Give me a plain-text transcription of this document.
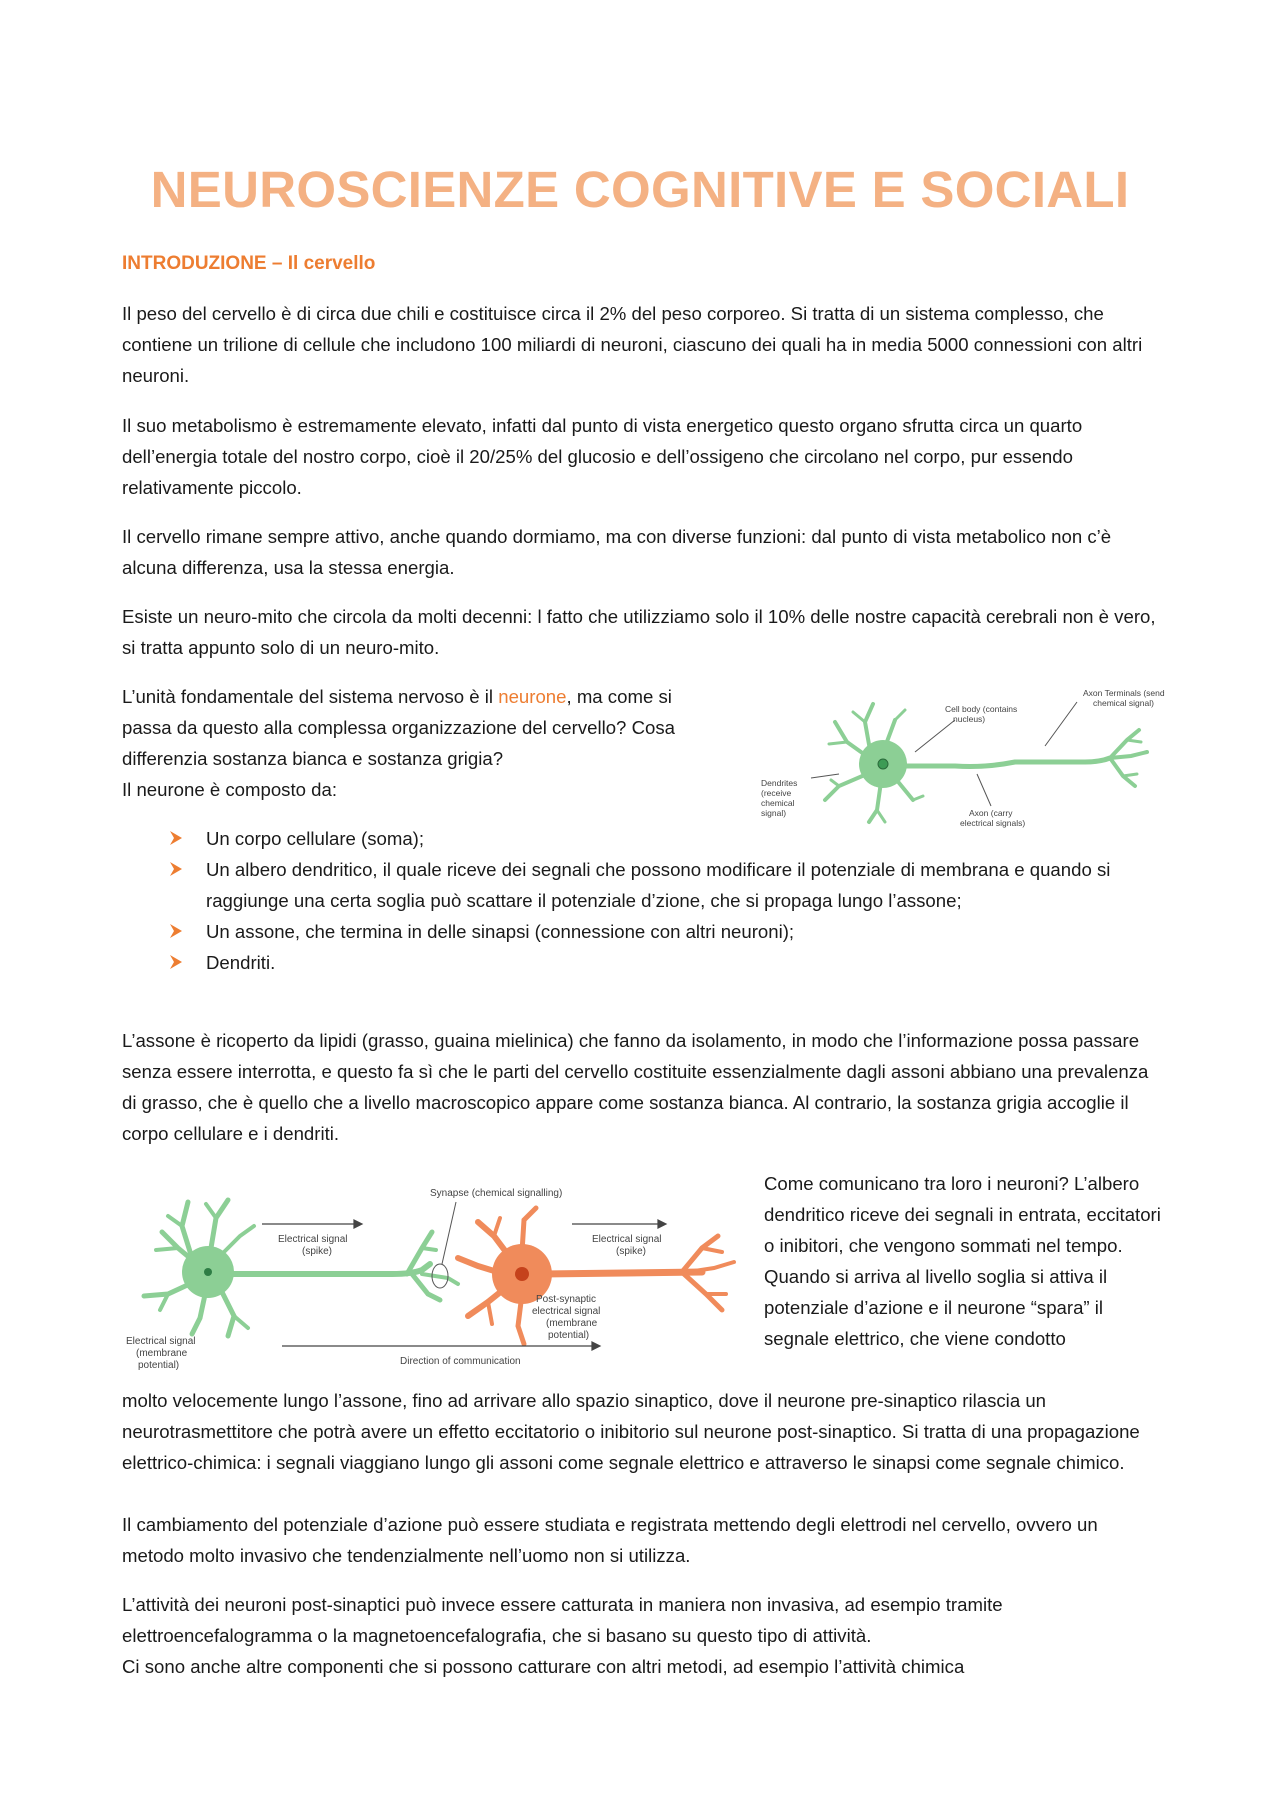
NEUROSCIENZE COGNITIVE E SOCIALI
INTRODUZIONE – Il cervello

Il peso del cervello è di circa due chili e costituisce circa il 2% del peso corporeo. Si tratta di un sistema complesso, che contiene un trilione di cellule che includono 100 miliardi di neuroni, ciascuno dei quali ha in media 5000 connessioni con altri neuroni.

Il suo metabolismo è estremamente elevato, infatti dal punto di vista energetico questo organo sfrutta circa un quarto dell’energia totale del nostro corpo, cioè il 20/25% del glucosio e dell’ossigeno che circolano nel corpo, pur essendo relativamente piccolo.

Il cervello rimane sempre attivo, anche quando dormiamo, ma con diverse funzioni: dal punto di vista metabolico non c’è alcuna differenza, usa la stessa energia.

Esiste un neuro-mito che circola da molti decenni: l fatto che utilizziamo solo il 10% delle nostre capacità cerebrali non è vero, si tratta appunto solo di un neuro-mito.

L’unità fondamentale del sistema nervoso è il neurone, ma come si passa da questo alla complessa organizzazione del cervello? Cosa differenzia sostanza bianca e sostanza grigia?
Il neurone è composto da:

Cell body (contains
nucleus)
Axon Terminals (send
chemical signal)
Dendrites
(receive
chemical
signal)	Axon (carry
electrical signals)
Un corpo cellulare (soma);
Un albero dendritico, il quale riceve dei segnali che possono modificare il potenziale di membrana e quando si raggiunge una certa soglia può scattare il potenziale d’zione, che si propaga lungo l’assone;
Un assone, che termina in delle sinapsi (connessione con altri neuroni);
Dendriti.

L’assone è ricoperto da lipidi (grasso, guaina mielinica) che fanno da isolamento, in modo che l’informazione possa passare senza essere interrotta, e questo fa sì che le parti del cervello costituite essenzialmente dagli assoni abbiano una prevalenza di grasso, che è quello che a livello macroscopico appare come sostanza bianca. Al contrario, la sostanza grigia accoglie il corpo cellulare e i dendriti.

Synapse (chemical signalling)
Electrical signal
(spike)
Electrical signal
(spike)
Post-synaptic
electrical signal
(membrane
potential)
Electrical signal
(membrane
potential)	Direction of communication

Come comunicano tra loro i neuroni? L’albero dendritico riceve dei segnali in entrata, eccitatori o inibitori, che vengono sommati nel tempo. Quando si arriva al livello soglia si attiva il potenziale d’azione e il neurone “spara” il segnale elettrico, che viene condotto

molto velocemente lungo l’assone, fino ad arrivare allo spazio sinaptico, dove il neurone pre-sinaptico rilascia un neurotrasmettitore che potrà avere un effetto eccitatorio o inibitorio sul neurone post-sinaptico. Si tratta di una propagazione elettrico-chimica: i segnali viaggiano lungo gli assoni come segnale elettrico e attraverso le sinapsi come segnale chimico.

Il cambiamento del potenziale d’azione può essere studiata e registrata mettendo degli elettrodi nel cervello, ovvero un metodo molto invasivo che tendenzialmente nell’uomo non si utilizza.

L’attività dei neuroni post-sinaptici può invece essere catturata in maniera non invasiva, ad esempio tramite elettroencefalogramma o la magnetoencefalografia, che si basano su questo tipo di attività.

Ci sono anche altre componenti che si possono catturare con altri metodi, ad esempio l’attività chimica
